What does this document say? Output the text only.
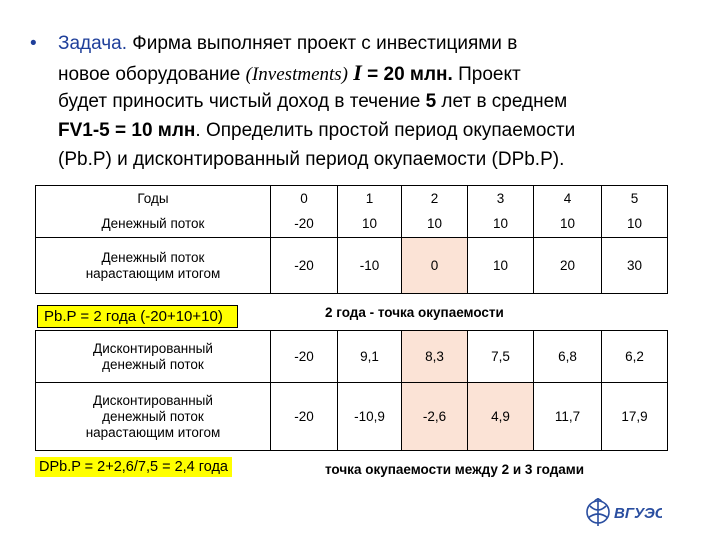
• Задача. Фирма выполняет проект с инвестициями в
новое оборудование (Investments) I = 20 млн. Проект
будет приносить чистый доход в течение 5 лет в среднем
FV1-5 = 10 млн. Определить простой период окупаемости
(Pb.P) и дисконтированный период окупаемости (DPb.P).
Годы	0	1	2	3	4	5
Денежный поток	-20	10	10	10	10	10
Денежный поток
нарастающим итогом	-20	-10	0	10	20	30
Pb.P = 2 года (-20+10+10)	2 года - точка окупаемости
Дисконтированный
денежный поток	-20	9,1	8,3	7,5	6,8	6,2
Дисконтированный
денежный поток
нарастающим итогом	-20	-10,9	-2,6	4,9	11,7	17,9
DPb.P = 2+2,6/7,5 = 2,4 года	точка окупаемости между 2 и 3 годами
ВГУЭС
